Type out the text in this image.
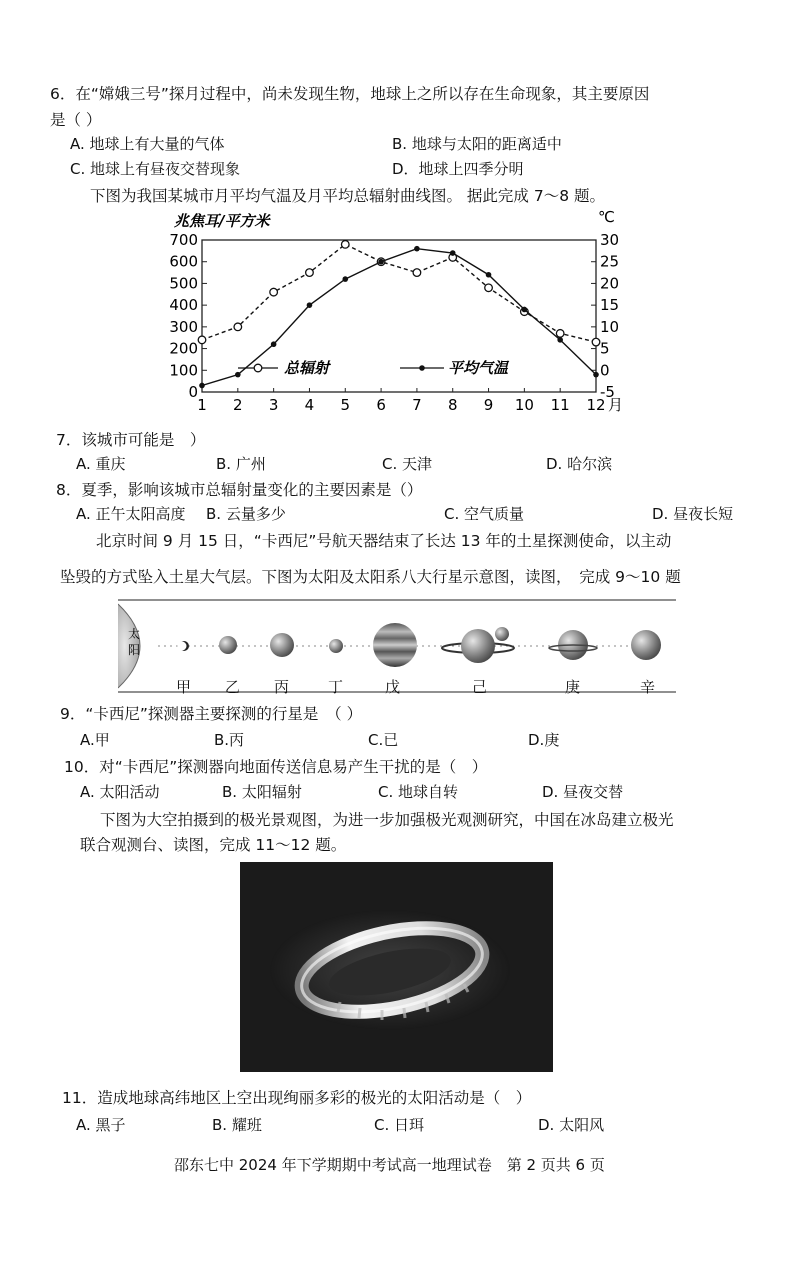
6．在“嫦娥三号”探月过程中，尚未发现生物，地球上之所以存在生命现象，其主要原因
是（ ）
A. 地球上有大量的气体	B. 地球与太阳的距离适中
C. 地球上有昼夜交替现象	D．地球上四季分明
下图为我国某城市月平均气温及月平均总辐射曲线图。 据此完成 7～8 题。
0
100
200
300
400
500
600
700
-5
0
5
10
15
20
25
30
1 2 3 4 5 6 7 8 9 10 11 12 月
兆焦耳/平方米	℃
总辐射	平均气温
7．该城市可能是　）
A. 重庆	B. 广州	C. 天津	D. 哈尔滨
8．夏季，影响该城市总辐射量变化的主要因素是（）
A. 正午太阳高度 B. 云量多少	C. 空气质量	D. 昼夜长短
北京时间 9 月 15 日，“卡西尼”号航天器结束了长达 13 年的土星探测使命，以主动
坠毁的方式坠入土星大气层。下图为太阳及太阳系八大行星示意图，读图，　完成 9～10 题
太
阳
甲 乙 丙	丁	戊	己	庚	辛
9．“卡西尼”探测器主要探测的行星是　（ ）
A.甲	B.丙	C.已	D.庚
10．对“卡西尼”探测器向地面传送信息易产生干扰的是（　）
A. 太阳活动	B. 太阳辐射	C. 地球自转	D. 昼夜交替
下图为大空拍摄到的极光景观图，为进一步加强极光观测研究，中国在冰岛建立极光
联合观测台、读图，完成 11～12 题。
11．造成地球高纬地区上空出现绚丽多彩的极光的太阳活动是（　）
A. 黑子	B. 耀班	C. 日珥	D. 太阳风
邵东七中 2024 年下学期期中考试高一地理试卷　第 2 页共 6 页
